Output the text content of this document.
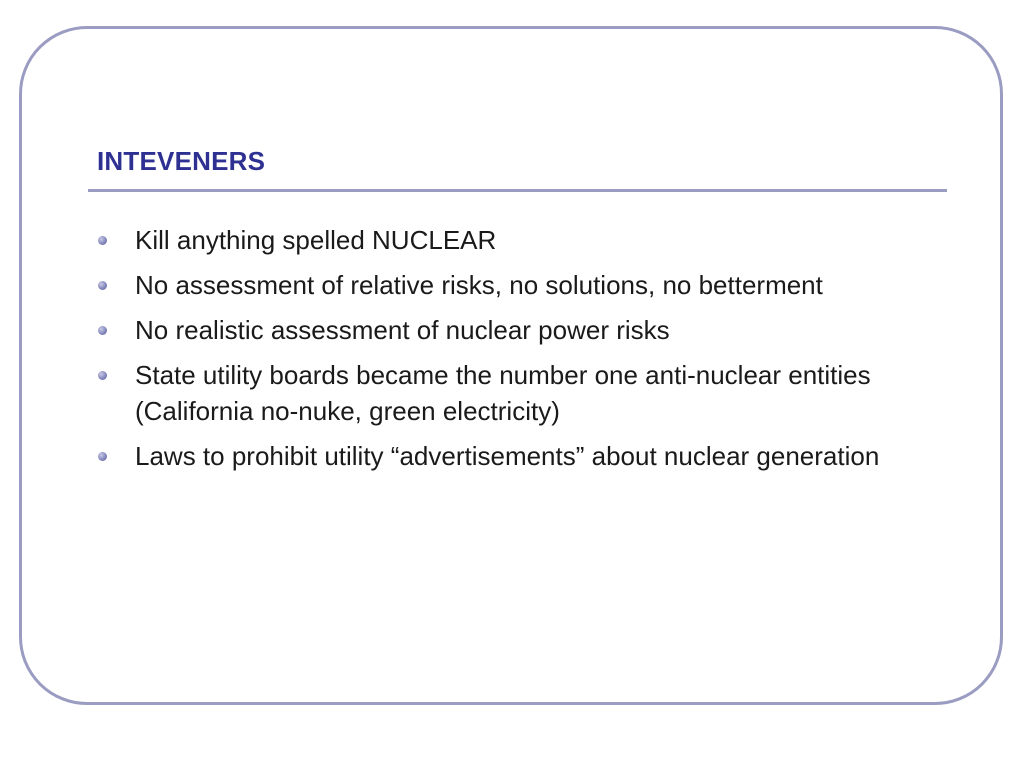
INTEVENERS
Kill anything spelled NUCLEAR
No assessment of relative risks, no solutions, no betterment
No realistic assessment of nuclear power risks
State utility boards became the number one anti-nuclear entities (California no-nuke, green electricity)
Laws to prohibit utility “advertisements” about nuclear generation
